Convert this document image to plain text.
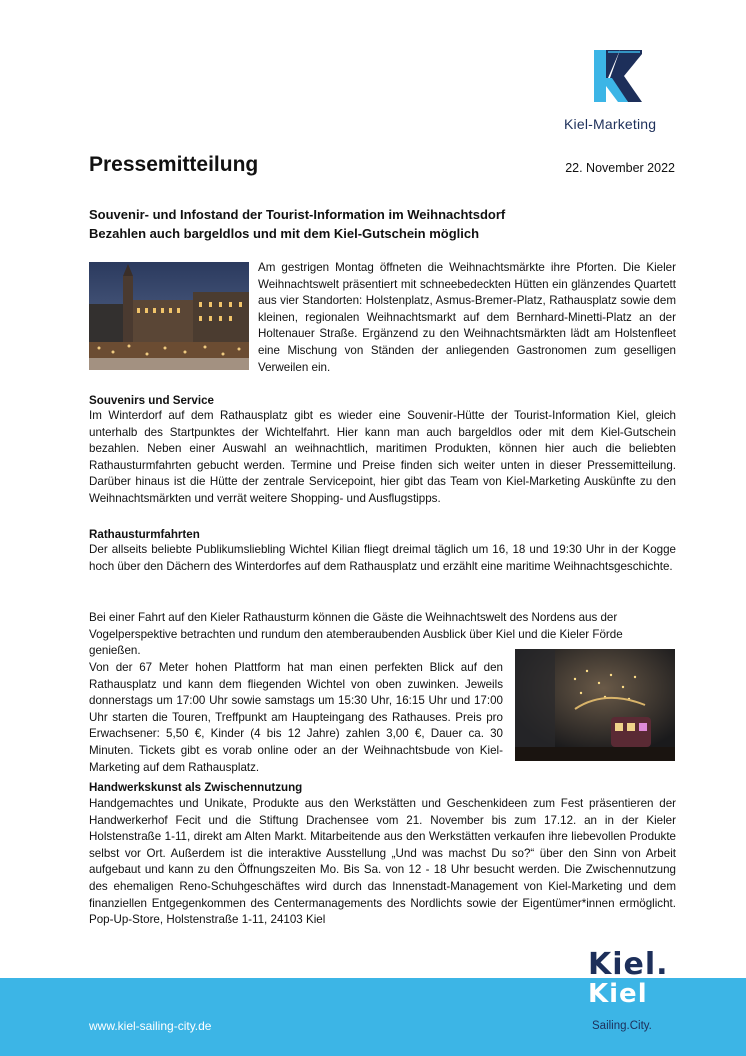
Kiel-Marketing
Pressemitteilung	22. November 2022
Souvenir- und Infostand der Tourist-Information im Weihnachtsdorf
Bezahlen auch bargeldlos und mit dem Kiel-Gutschein möglich
Am gestrigen Montag öffneten die Weihnachtsmärkte ihre Pforten. Die Kieler Weihnachtswelt präsentiert mit schneebedeckten Hütten ein glänzendes Quartett aus vier Standorten: Holstenplatz, Asmus-Bremer-Platz, Rathausplatz sowie dem kleinen, regionalen Weihnachtsmarkt auf dem Bernhard-Minetti-Platz an der Holtenauer Straße. Ergänzend zu den Weihnachtsmärkten lädt am Holstenfleet eine Mischung von Ständen der anliegenden Gastronomen zum geselligen Verweilen ein.
Souvenirs und Service
Im Winterdorf auf dem Rathausplatz gibt es wieder eine Souvenir-Hütte der Tourist-Information Kiel, gleich unterhalb des Startpunktes der Wichtelfahrt. Hier kann man auch bargeldlos oder mit dem Kiel-Gutschein bezahlen. Neben einer Auswahl an weihnachtlich, maritimen Produkten, können hier auch die beliebten Rathausturmfahrten gebucht werden. Termine und Preise finden sich weiter unten in dieser Pressemitteilung. Darüber hinaus ist die Hütte der zentrale Servicepoint, hier gibt das Team von Kiel-Marketing Auskünfte zu den Weihnachtsmärkten und verrät weitere Shopping- und Ausflugstipps.
Rathausturmfahrten
Der allseits beliebte Publikumsliebling Wichtel Kilian fliegt dreimal täglich um 16, 18 und 19:30 Uhr in der Kogge hoch über den Dächern des Winterdorfes auf dem Rathausplatz und erzählt eine maritime Weihnachtsgeschichte.
Bei einer Fahrt auf den Kieler Rathausturm können die Gäste die Weihnachtswelt des Nordens aus der Vogelperspektive betrachten und rundum den atemberaubenden Ausblick über Kiel und die Kieler Förde genießen.
Von der 67 Meter hohen Plattform hat man einen perfekten Blick auf den Rathausplatz und kann dem fliegenden Wichtel von oben zuwinken. Jeweils donnerstags um 17:00 Uhr sowie samstags um 15:30 Uhr, 16:15 Uhr und 17:00 Uhr starten die Touren, Treffpunkt am Haupteingang des Rathauses. Preis pro Erwachsener: 5,50 €, Kinder (4 bis 12 Jahre) zahlen 3,00 €, Dauer ca. 30 Minuten. Tickets gibt es vorab online oder an der Weihnachtsbude von Kiel-Marketing auf dem Rathausplatz.
Handwerkskunst als Zwischennutzung
Handgemachtes und Unikate, Produkte aus den Werkstätten und Geschenkideen zum Fest präsentieren der Handwerkerhof Fecit und die Stiftung Drachensee vom 21. November bis zum 17.12. an in der Kieler Holstenstraße 1-11, direkt am Alten Markt. Mitarbeitende aus den Werkstätten verkaufen ihre liebevollen Produkte selbst vor Ort. Außerdem ist die interaktive Ausstellung „Und was machst Du so?“ über den Sinn von Arbeit aufgebaut und kann zu den Öffnungszeiten Mo. Bis Sa. von 12 - 18 Uhr besucht werden. Die Zwischennutzung des ehemaligen Reno-Schuhgeschäftes wird durch das Innenstadt-Management von Kiel-Marketing und dem finanziellen Entgegenkommen des Centermanagements des Nordlichts sowie der Eigentümer*innen ermöglicht. Pop-Up-Store, Holstenstraße 1-11, 24103 Kiel
www.kiel-sailing-city.de
Kiel.
Kiel
Sailing.City.
